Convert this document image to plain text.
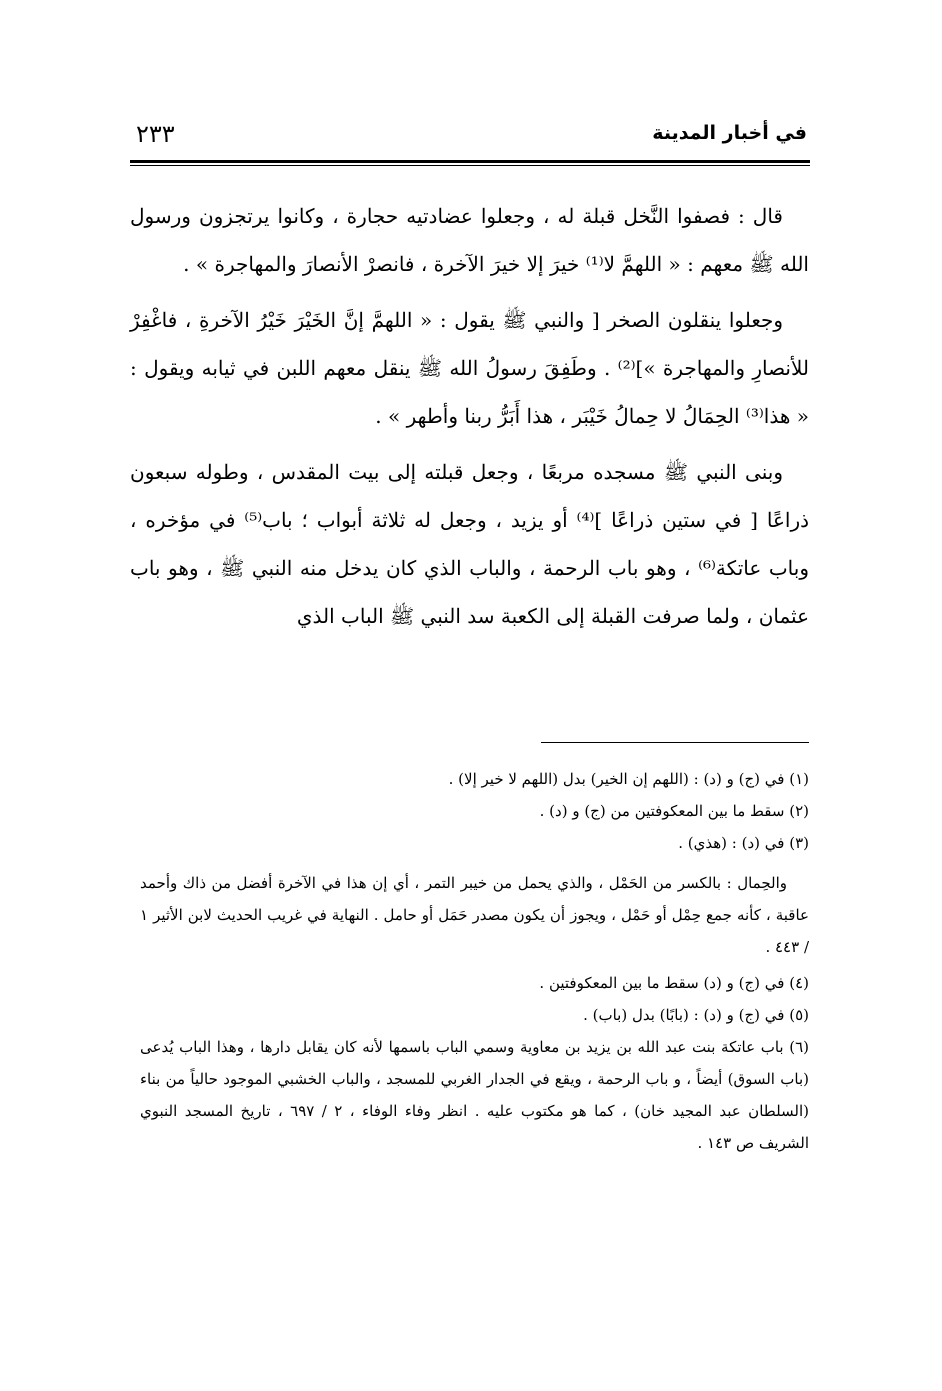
في أخبار المدينة
٢٣٣

قال : فصفوا النَّخل قبلة له ، وجعلوا عضادتيه حجارة ، وكانوا يرتجزون ورسول الله ﷺ معهم : « اللهمَّ لا⁽¹⁾ خيرَ إلا خيرَ الآخرة ، فانصرْ الأنصارَ والمهاجرة » .

وجعلوا ينقلون الصخر [ والنبي ﷺ يقول : « اللهمَّ إنَّ الخَيْرَ خَيْرُ الآخرةِ ، فاغْفِرْ للأنصارِ والمهاجرة »]⁽²⁾ . وطَفِقَ رسولُ الله ﷺ ينقل معهم اللبن في ثيابه ويقول : « هذا⁽³⁾ الحِمَالُ لا حِمالُ خَيْبَر ، هذا أَبَرُّ ربنا وأطهر » .

وبنى النبي ﷺ مسجده مربعًا ، وجعل قبلته إلى بيت المقدس ، وطوله سبعون ذراعًا [ في ستين ذراعًا ]⁽⁴⁾ أو يزيد ، وجعل له ثلاثة أبواب ؛ باب⁽⁵⁾ في مؤخره ، وباب عاتكة⁽⁶⁾ ، وهو باب الرحمة ، والباب الذي كان يدخل منه النبي ﷺ ، وهو باب عثمان ، ولما صرفت القبلة إلى الكعبة سد النبي ﷺ الباب الذي

(١) في (ج) و (د) : (اللهم إن الخير) بدل (اللهم لا خير إلا) .
(٢) سقط ما بين المعكوفتين من (ج) و (د) .
(٣) في (د) : (هذي) .
والحِمال : بالكسر من الحَمْل ، والذي يحمل من خيبر التمر ، أي إن هذا في الآخرة أفضل من ذاك وأحمد عاقبة ، كأنه جمع حِمْل أو حَمْل ، ويجوز أن يكون مصدر حَمَل أو حامل . النهاية في غريب الحديث لابن الأثير ١ / ٤٤٣ .
(٤) في (ج) و (د) سقط ما بين المعكوفتين .
(٥) في (ج) و (د) : (بابًا) بدل (باب) .
(٦) باب عاتكة بنت عبد الله بن يزيد بن معاوية وسمي الباب باسمها لأنه كان يقابل دارها ، وهذا الباب يُدعى (باب السوق) أيضاً ، و باب الرحمة ، ويقع في الجدار الغربي للمسجد ، والباب الخشبي الموجود حالياً من بناء (السلطان عبد المجيد خان) ، كما هو مكتوب عليه . انظر وفاء الوفاء ، ٢ / ٦٩٧ ، تاريخ المسجد النبوي الشريف ص ١٤٣ .
